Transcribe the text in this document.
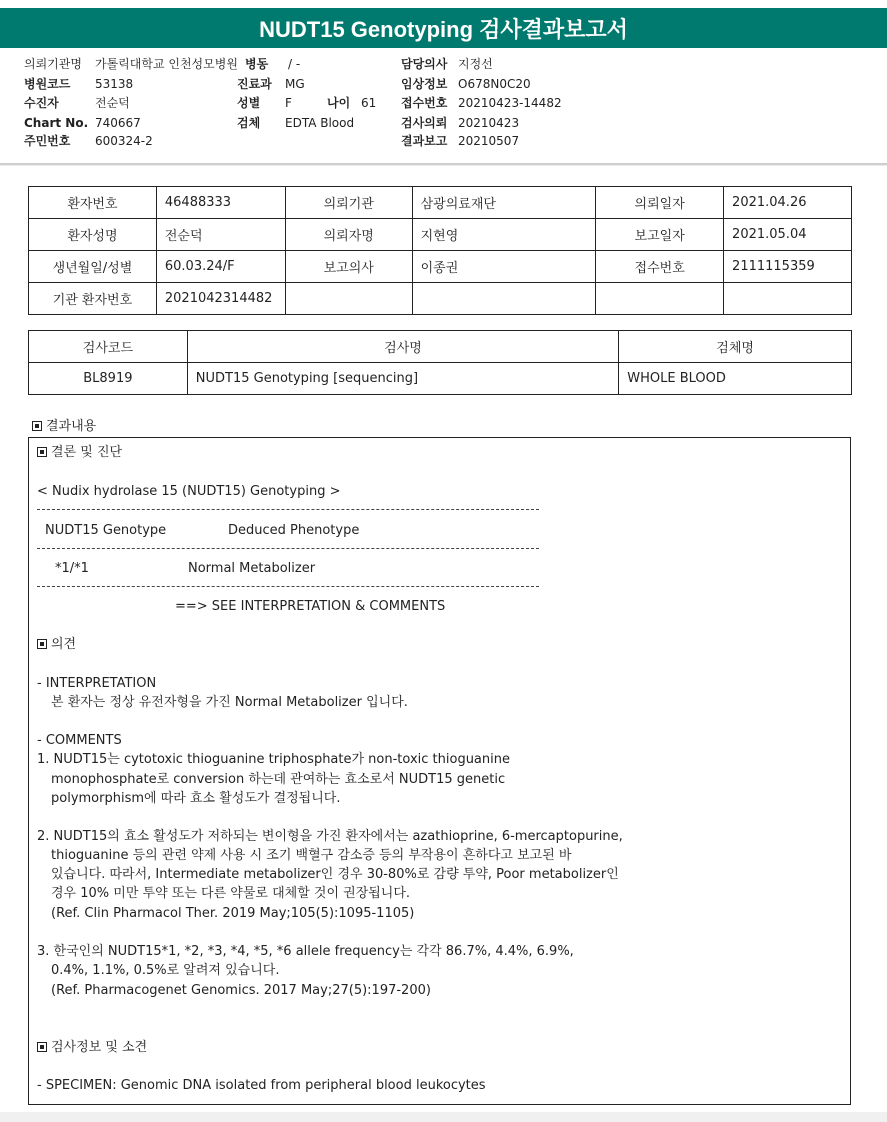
NUDT15 Genotyping 검사결과보고서
의뢰기관명 가톨릭대학교 인천성모병원 병동 / -	담당의사 지정선
병원코드 53138	진료과 MG	임상정보 O678N0C20
수진자	전순덕	성별 F	나이 61 접수번호 20210423-14482
Chart No. 740667	검체 EDTA Blood	검사의뢰 20210423
주민번호 600324-2	결과보고 20210507
환자번호	46488333	의뢰기관	삼광의료재단	의뢰일자	2021.04.26
환자성명	전순덕	의뢰자명	지현영	보고일자	2021.05.04
생년월일/성별	60.03.24/F	보고의사	이종권	접수번호	2111115359
기관 환자번호	2021042314482				
검사코드	검사명	검체명
BL8919	NUDT15 Genotyping [sequencing]	WHOLE BLOOD
결과내용
결론 및 진단
< Nudix hydrolase 15 (NUDT15) Genotyping >
NUDT15 Genotype	Deduced Phenotype
*1/*1	Normal Metabolizer
==> SEE INTERPRETATION & COMMENTS
의견
- INTERPRETATION
본 환자는 정상 유전자형을 가진 Normal Metabolizer 입니다.
- COMMENTS
1. NUDT15는 cytotoxic thioguanine triphosphate가 non-toxic thioguanine
monophosphate로 conversion 하는데 관여하는 효소로서 NUDT15 genetic
polymorphism에 따라 효소 활성도가 결정됩니다.
2. NUDT15의 효소 활성도가 저하되는 변이형을 가진 환자에서는 azathioprine, 6-mercaptopurine,
thioguanine 등의 관련 약제 사용 시 조기 백혈구 감소증 등의 부작용이 흔하다고 보고된 바
있습니다. 따라서, Intermediate metabolizer인 경우 30-80%로 감량 투약, Poor metabolizer인
경우 10% 미만 투약 또는 다른 약물로 대체할 것이 권장됩니다.
(Ref. Clin Pharmacol Ther. 2019 May;105(5):1095-1105)
3. 한국인의 NUDT15*1, *2, *3, *4, *5, *6 allele frequency는 각각 86.7%, 4.4%, 6.9%,
0.4%, 1.1%, 0.5%로 알려져 있습니다.
(Ref. Pharmacogenet Genomics. 2017 May;27(5):197-200)
검사정보 및 소견
- SPECIMEN: Genomic DNA isolated from peripheral blood leukocytes
